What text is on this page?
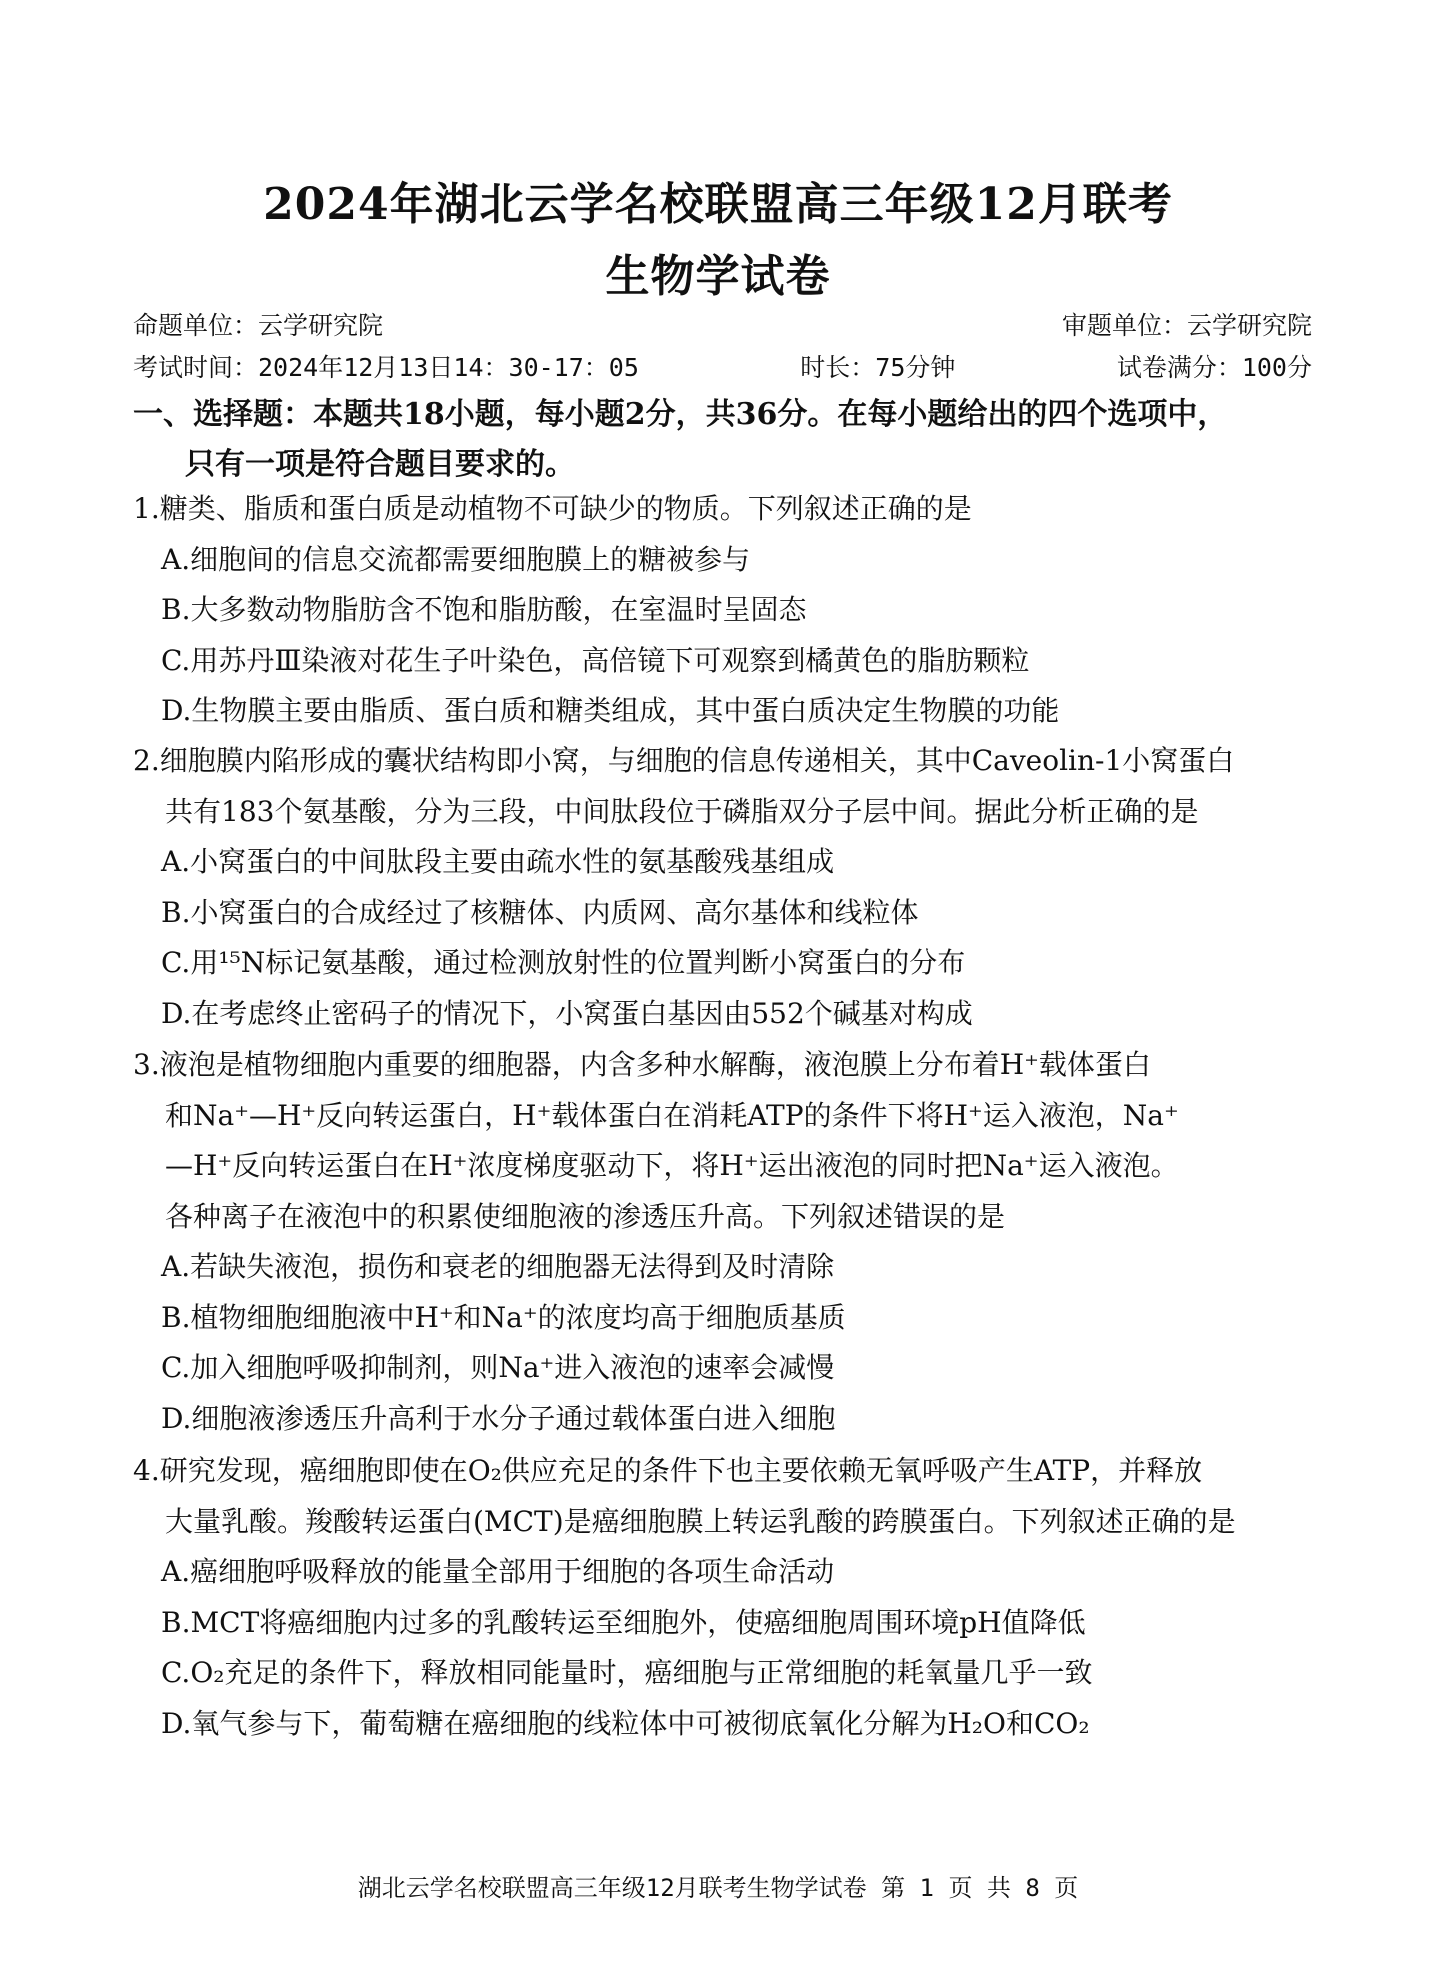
2024年湖北云学名校联盟高三年级12月联考
生物学试卷
命题单位：云学研究院	审题单位：云学研究院
考试时间：2024年12月13日14：30-17：05	时长：75分钟	试卷满分：100分
一、选择题：本题共18小题，每小题2分，共36分。在每小题给出的四个选项中，
只有一项是符合题目要求的。
1.糖类、脂质和蛋白质是动植物不可缺少的物质。下列叙述正确的是
A.细胞间的信息交流都需要细胞膜上的糖被参与
B.大多数动物脂肪含不饱和脂肪酸，在室温时呈固态
C.用苏丹Ⅲ染液对花生子叶染色，高倍镜下可观察到橘黄色的脂肪颗粒
D.生物膜主要由脂质、蛋白质和糖类组成，其中蛋白质决定生物膜的功能
2.细胞膜内陷形成的囊状结构即小窝，与细胞的信息传递相关，其中Caveolin-1小窝蛋白
共有183个氨基酸，分为三段，中间肽段位于磷脂双分子层中间。据此分析正确的是
A.小窝蛋白的中间肽段主要由疏水性的氨基酸残基组成
B.小窝蛋白的合成经过了核糖体、内质网、高尔基体和线粒体
C.用¹⁵N标记氨基酸，通过检测放射性的位置判断小窝蛋白的分布
D.在考虑终止密码子的情况下，小窝蛋白基因由552个碱基对构成
3.液泡是植物细胞内重要的细胞器，内含多种水解酶，液泡膜上分布着H⁺载体蛋白
和Na⁺—H⁺反向转运蛋白，H⁺载体蛋白在消耗ATP的条件下将H⁺运入液泡，Na⁺
—H⁺反向转运蛋白在H⁺浓度梯度驱动下，将H⁺运出液泡的同时把Na⁺运入液泡。
各种离子在液泡中的积累使细胞液的渗透压升高。下列叙述错误的是
A.若缺失液泡，损伤和衰老的细胞器无法得到及时清除
B.植物细胞细胞液中H⁺和Na⁺的浓度均高于细胞质基质
C.加入细胞呼吸抑制剂，则Na⁺进入液泡的速率会减慢
D.细胞液渗透压升高利于水分子通过载体蛋白进入细胞
4.研究发现，癌细胞即使在O₂供应充足的条件下也主要依赖无氧呼吸产生ATP，并释放
大量乳酸。羧酸转运蛋白(MCT)是癌细胞膜上转运乳酸的跨膜蛋白。下列叙述正确的是
A.癌细胞呼吸释放的能量全部用于细胞的各项生命活动
B.MCT将癌细胞内过多的乳酸转运至细胞外，使癌细胞周围环境pH值降低
C.O₂充足的条件下，释放相同能量时，癌细胞与正常细胞的耗氧量几乎一致
D.氧气参与下，葡萄糖在癌细胞的线粒体中可被彻底氧化分解为H₂O和CO₂
湖北云学名校联盟高三年级12月联考生物学试卷 第 1 页 共 8 页
